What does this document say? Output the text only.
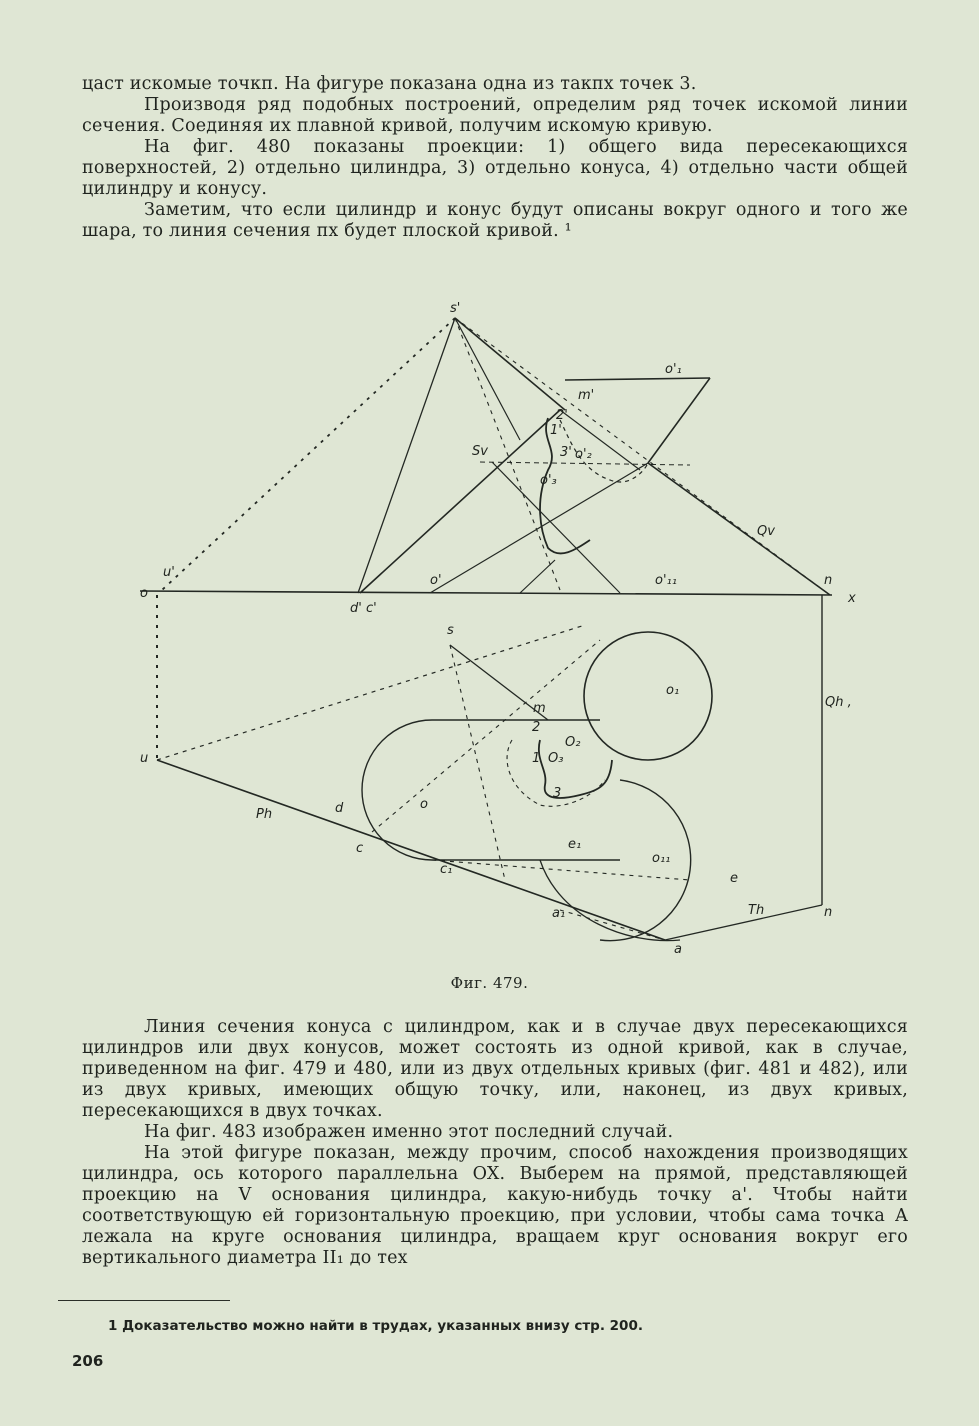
цаст искомые точкп. На фигуре показана одна из такпх точек 3.

Производя ряд подобных построений, определим ряд точек искомой линии сечения. Соединяя их плавной кривой, получим искомую кривую.

На фиг. 480 показаны проекции: 1) общего вида пересекающихся поверхностей, 2) отдельно цилиндра, 3) отдельно конуса, 4) отдельно части общей цилиндру и конусу.

Заметим, что если цилиндр и конус будут описаны вокруг одного и того же шара, то линия сечения пх будет плоской кривой. ¹

s'
o'₁
m'
2'
1'
Sv	3' o'₂
o'₃
Qv
u'
o
o'	o'₁₁	n
x
d' c'
s
o₁
Qh ,
m
2
O₂
1 O₃
u
3
o
d
Ph
c	e₁
o₁₁
c₁
e
Th	n
a₁
a
Фиг. 479.

Линия сечения конуса с цилиндром, как и в случае двух пересекающихся цилиндров или двух конусов, может состоять из одной кривой, как в случае, приведенном на фиг. 479 и 480, или из двух отдельных кривых (фиг. 481 и 482), или из двух кривых, имеющих общую точку, или, наконец, из двух кривых, пересекающихся в двух точках.

На фиг. 483 изображен именно этот последний случай.

На этой фигуре показан, между прочим, способ нахождения производящих цилиндра, ось которого параллельна OX. Выберем на прямой, представляющей проекцию на V основания цилиндра, какую-нибудь точку a'. Чтобы найти соответствующую ей горизонтальную проекцию, при условии, чтобы сама точка A лежала на круге основания цилиндра, вращаем круг основания вокруг его вертикального диаметра II₁ до тех

1 Доказательство можно найти в трудах, указанных внизу стр. 200.
206
